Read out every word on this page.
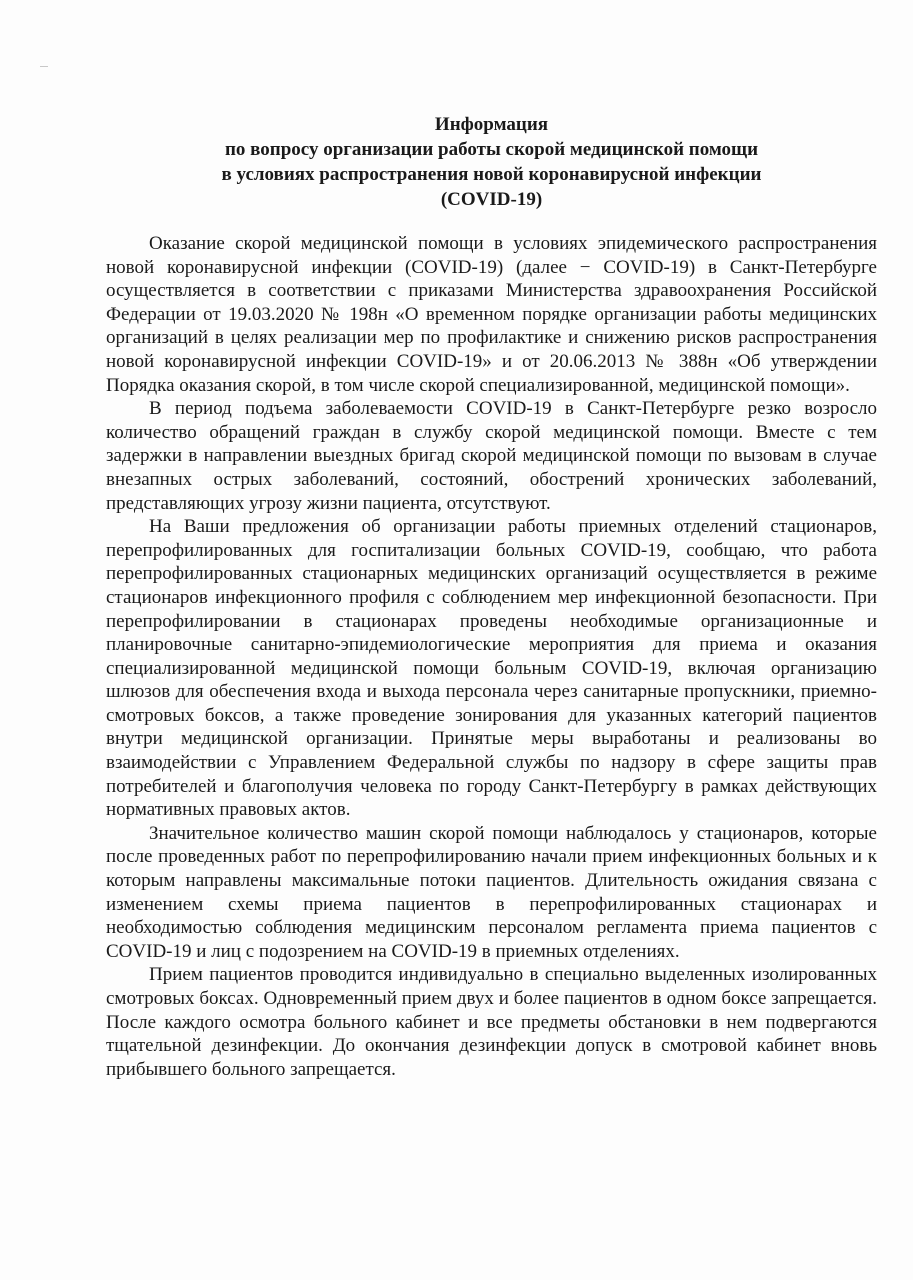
Информация
по вопросу организации работы скорой медицинской помощи
в условиях распространения новой коронавирусной инфекции
(COVID-19)

Оказание скорой медицинской помощи в условиях эпидемического распространения новой коронавирусной инфекции (COVID-19) (далее − COVID-19) в Санкт-Петербурге осуществляется в соответствии с приказами Министерства здравоохранения Российской Федерации от 19.03.2020 № 198н «О временном порядке организации работы медицинских организаций в целях реализации мер по профилактике и снижению рисков распространения новой коронавирусной инфекции COVID-19» и от 20.06.2013 № 388н «Об утверждении Порядка оказания скорой, в том числе скорой специализированной, медицинской помощи».

В период подъема заболеваемости COVID-19 в Санкт-Петербурге резко возросло количество обращений граждан в службу скорой медицинской помощи. Вместе с тем задержки в направлении выездных бригад скорой медицинской помощи по вызовам в случае внезапных острых заболеваний, состояний, обострений хронических заболеваний, представляющих угрозу жизни пациента, отсутствуют.

На Ваши предложения об организации работы приемных отделений стационаров, перепрофилированных для госпитализации больных COVID-19, сообщаю, что работа перепрофилированных стационарных медицинских организаций осуществляется в режиме стационаров инфекционного профиля с соблюдением мер инфекционной безопасности. При перепрофилировании в стационарах проведены необходимые организационные и планировочные санитарно-эпидемиологические мероприятия для приема и оказания специализированной медицинской помощи больным COVID-19, включая организацию шлюзов для обеспечения входа и выхода персонала через санитарные пропускники, приемно-смотровых боксов, а также проведение зонирования для указанных категорий пациентов внутри медицинской организации. Принятые меры выработаны и реализованы во взаимодействии с Управлением Федеральной службы по надзору в сфере защиты прав потребителей и благополучия человека по городу Санкт-Петербургу в рамках действующих нормативных правовых актов.

Значительное количество машин скорой помощи наблюдалось у стационаров, которые после проведенных работ по перепрофилированию начали прием инфекционных больных и к которым направлены максимальные потоки пациентов. Длительность ожидания связана с изменением схемы приема пациентов в перепрофилированных стационарах и необходимостью соблюдения медицинским персоналом регламента приема пациентов с COVID-19 и лиц с подозрением на COVID-19 в приемных отделениях.

Прием пациентов проводится индивидуально в специально выделенных изолированных смотровых боксах. Одновременный прием двух и более пациентов в одном боксе запрещается. После каждого осмотра больного кабинет и все предметы обстановки в нем подвергаются тщательной дезинфекции. До окончания дезинфекции допуск в смотровой кабинет вновь прибывшего больного запрещается.
